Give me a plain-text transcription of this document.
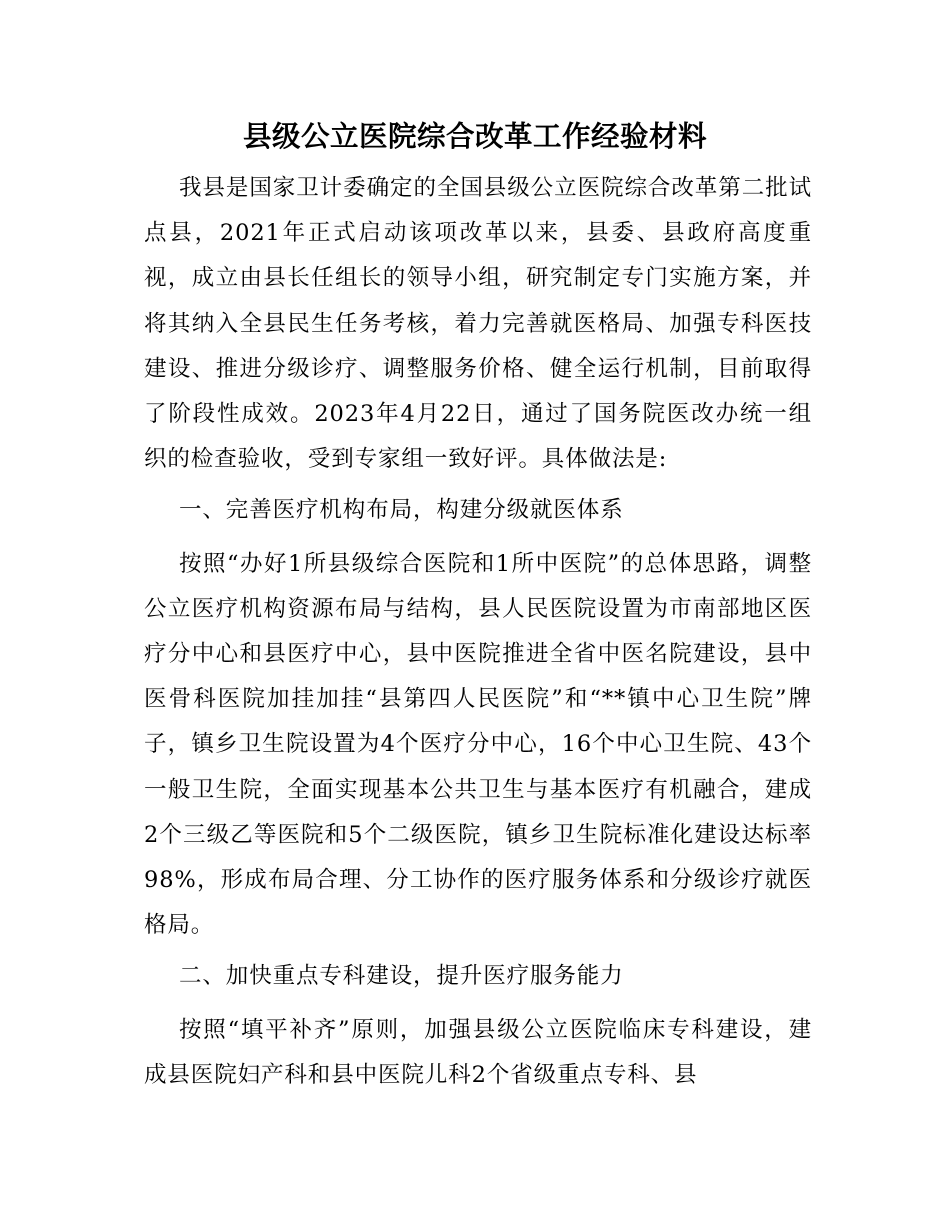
县级公立医院综合改革工作经验材料

我县是国家卫计委确定的全国县级公立医院综合改革第二批试点县，2021年正式启动该项改革以来，县委、县政府高度重视，成立由县长任组长的领导小组，研究制定专门实施方案，并将其纳入全县民生任务考核，着力完善就医格局、加强专科医技建设、推进分级诊疗、调整服务价格、健全运行机制，目前取得了阶段性成效。2023年4月22日，通过了国务院医改办统一组织的检查验收，受到专家组一致好评。具体做法是:

一、完善医疗机构布局，构建分级就医体系

按照“办好1所县级综合医院和1所中医院”的总体思路，调整公立医疗机构资源布局与结构，县人民医院设置为市南部地区医疗分中心和县医疗中心，县中医院推进全省中医名院建设，县中医骨科医院加挂加挂“县第四人民医院”和“**镇中心卫生院”牌子，镇乡卫生院设置为4个医疗分中心，16个中心卫生院、43个一般卫生院，全面实现基本公共卫生与基本医疗有机融合，建成2个三级乙等医院和5个二级医院，镇乡卫生院标准化建设达标率98%，形成布局合理、分工协作的医疗服务体系和分级诊疗就医格局。

二、加快重点专科建设，提升医疗服务能力

按照“填平补齐”原则，加强县级公立医院临床专科建设，建成县医院妇产科和县中医院儿科2个省级重点专科、县
